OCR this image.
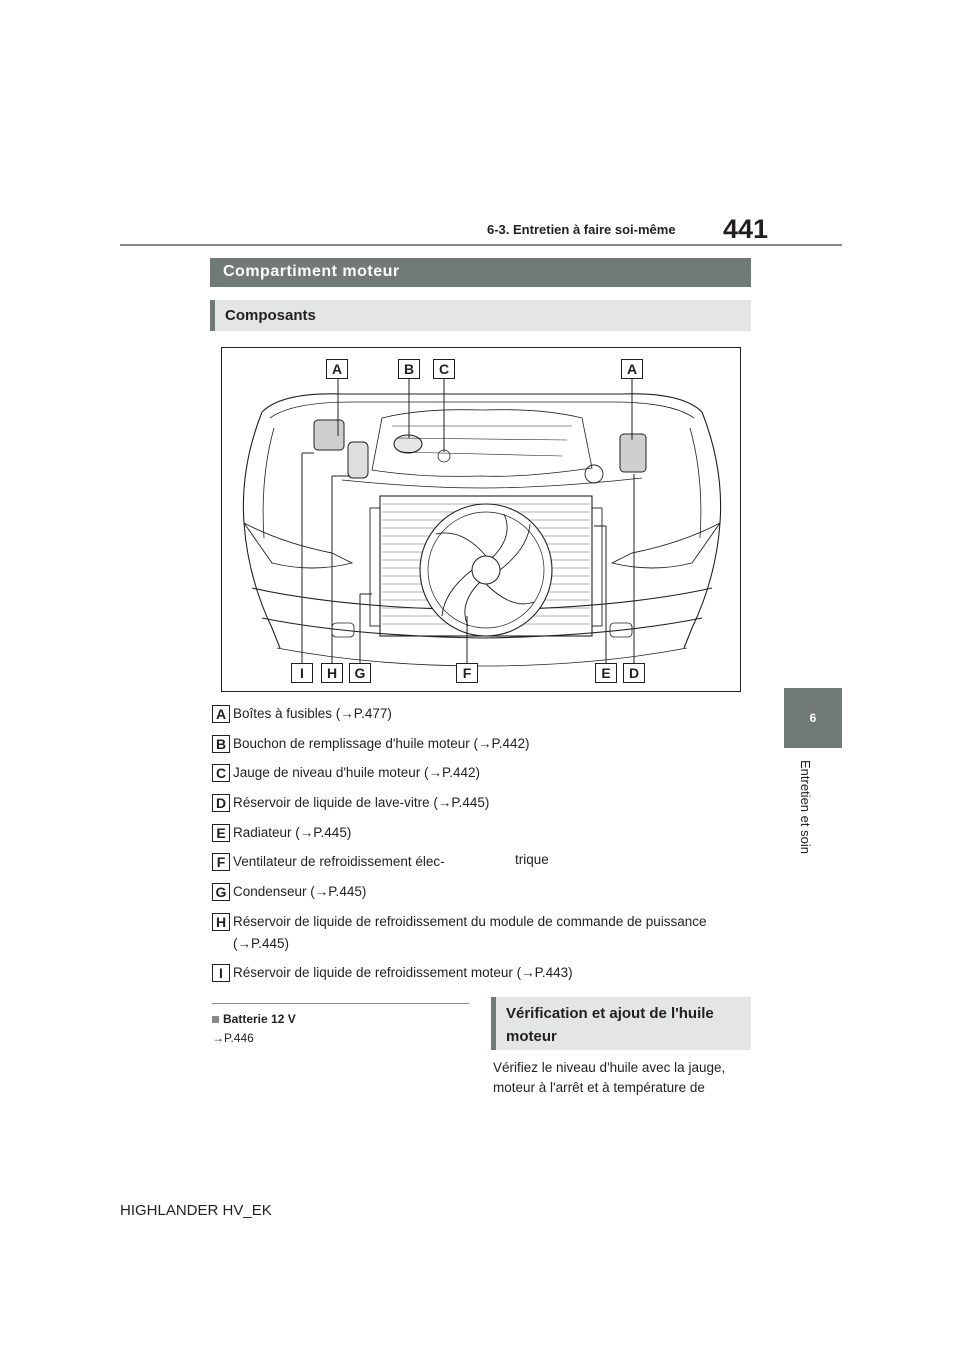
6-3. Entretien à faire soi-même 441
6
Entretien et soin
Compartiment moteur
Composants
A	B	C	A
I	H	G	F	E	D
A Boîtes à fusibles (→P.477)
B Bouchon de remplissage d'huile moteur (→P.442)
C Jauge de niveau d'huile moteur (→P.442)
D Réservoir de liquide de lave-vitre (→P.445)
E Radiateur (→P.445)
F Ventilateur de refroidissement élec-	trique
G Condenseur (→P.445)
H Réservoir de liquide de refroidissement du module de commande de puissance
(→P.445)
I Réservoir de liquide de refroidissement moteur (→P.443)
Batterie 12 V
→P.446
Vérification et ajout de l'huile moteur
Vérifiez le niveau d'huile avec la jauge, moteur à l'arrêt et à température de
HIGHLANDER HV_EK
